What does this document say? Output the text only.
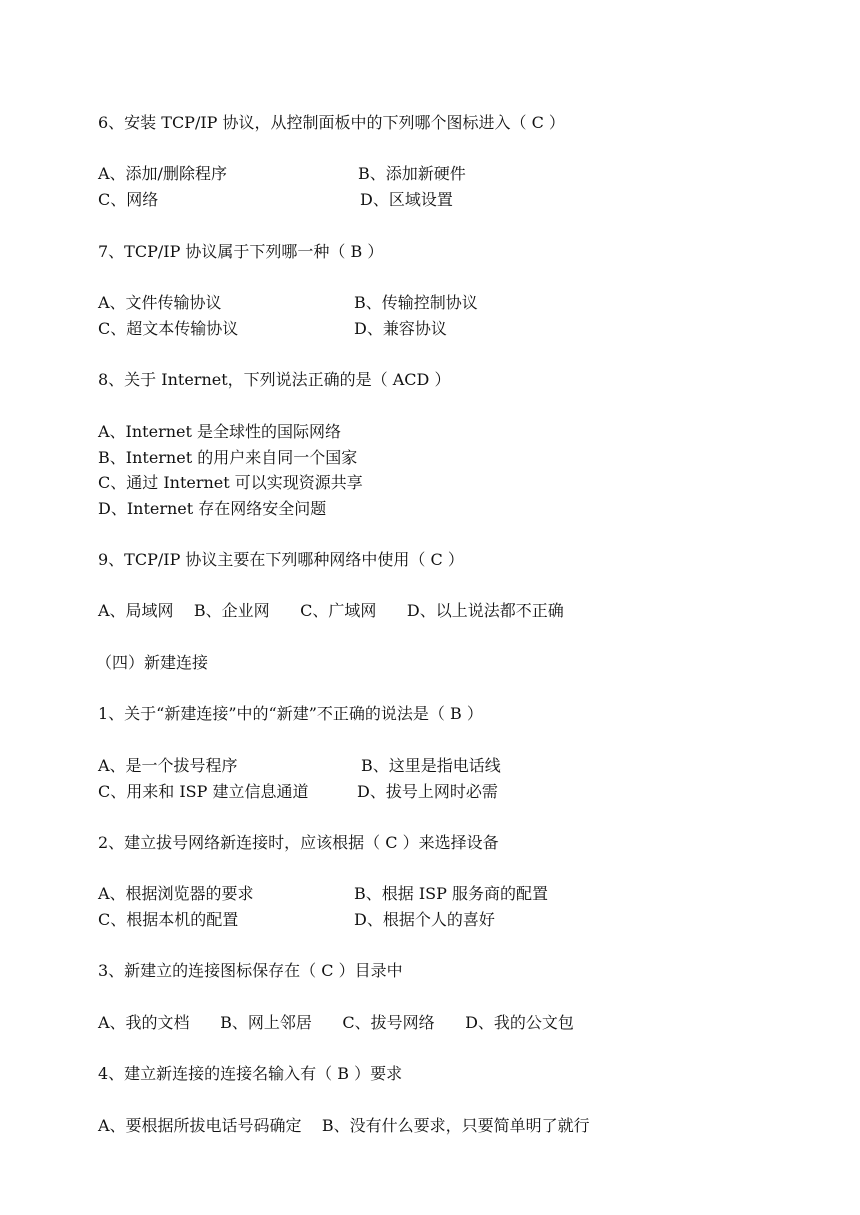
6、安装 TCP/IP 协议，从控制面板中的下列哪个图标进入（ C ）
A、添加/删除程序	B、添加新硬件
C、网络	D、区域设置
7、TCP/IP 协议属于下列哪一种（ B ）
A、文件传输协议	B、传输控制协议
C、超文本传输协议	D、兼容协议
8、关于 Internet，下列说法正确的是（ ACD ）
A、Internet 是全球性的国际网络
B、Internet 的用户来自同一个国家
C、通过 Internet 可以实现资源共享
D、Internet 存在网络安全问题
9、TCP/IP 协议主要在下列哪种网络中使用（ C ）
A、局域网    B、企业网      C、广域网      D、以上说法都不正确
（四）新建连接
1、关于“新建连接”中的“新建”不正确的说法是（ B ）
A、是一个拔号程序	B、这里是指电话线
C、用来和 ISP 建立信息通道	D、拔号上网时必需
2、建立拔号网络新连接时，应该根据（ C ）来选择设备
A、根据浏览器的要求	B、根据 ISP 服务商的配置
C、根据本机的配置	D、根据个人的喜好
3、新建立的连接图标保存在（ C ）目录中
A、我的文档      B、网上邻居      C、拔号网络      D、我的公文包
4、建立新连接的连接名输入有（ B ）要求
A、要根据所拔电话号码确定    B、没有什么要求，只要简单明了就行
